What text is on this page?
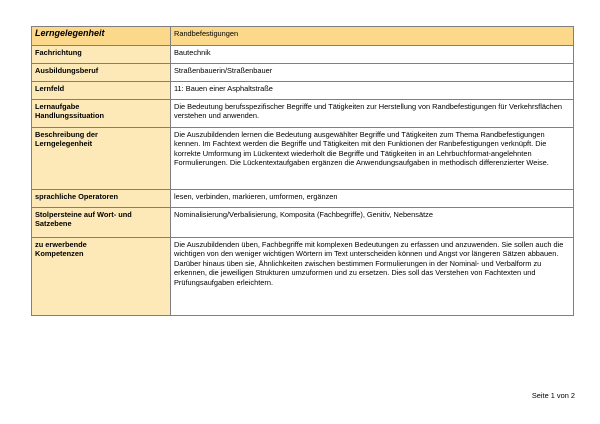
Lerngelegenheit	Randbefestigungen
Fachrichtung	Bautechnik
Ausbildungsberuf	Straßenbauerin/Straßenbauer
Lernfeld	11: Bauen einer Asphaltstraße
Lernaufgabe
Handlungssituation	Die Bedeutung berufsspezifischer Begriffe und Tätigkeiten zur Herstellung von Randbefestigungen für Verkehrsflächen verstehen und anwenden.
Beschreibung der
Lerngelegenheit	Die Auszubildenden lernen die Bedeutung ausgewählter Begriffe und Tätigkeiten zum Thema Randbefestigungen kennen. Im Fachtext werden die Begriffe und Tätigkeiten mit den Funktionen der Ranbefestigungen verknüpft. Die korrekte Umformung im Lückentext wiederholt die Begriffe und Tätigkeiten in an Lehrbuchformat-angelehnten Formulierungen. Die Lückentextaufgaben ergänzen die Anwendungsaufgaben in methodisch differenzierter Weise.
sprachliche Operatoren	lesen, verbinden, markieren, umformen, ergänzen
Stolpersteine auf Wort- und
Satzebene	Nominalisierung/Verbalisierung, Komposita (Fachbegriffe), Genitiv, Nebensätze
zu erwerbende
Kompetenzen	Die Auszubildenden üben, Fachbegriffe mit komplexen Bedeutungen zu erfassen und anzuwenden. Sie sollen auch die wichtigen von den weniger wichtigen Wörtern im Text unterscheiden können und Angst vor längeren Sätzen abbauen.
Darüber hinaus üben sie, Ähnlichkeiten zwischen bestimmen Formulierungen in der Nominal- und Verbalform zu erkennen, die jeweiligen Strukturen umzuformen und zu ersetzen. Dies soll das Verstehen von Fachtexten und Prüfungsaufgaben erleichtern.
Seite 1 von 2
